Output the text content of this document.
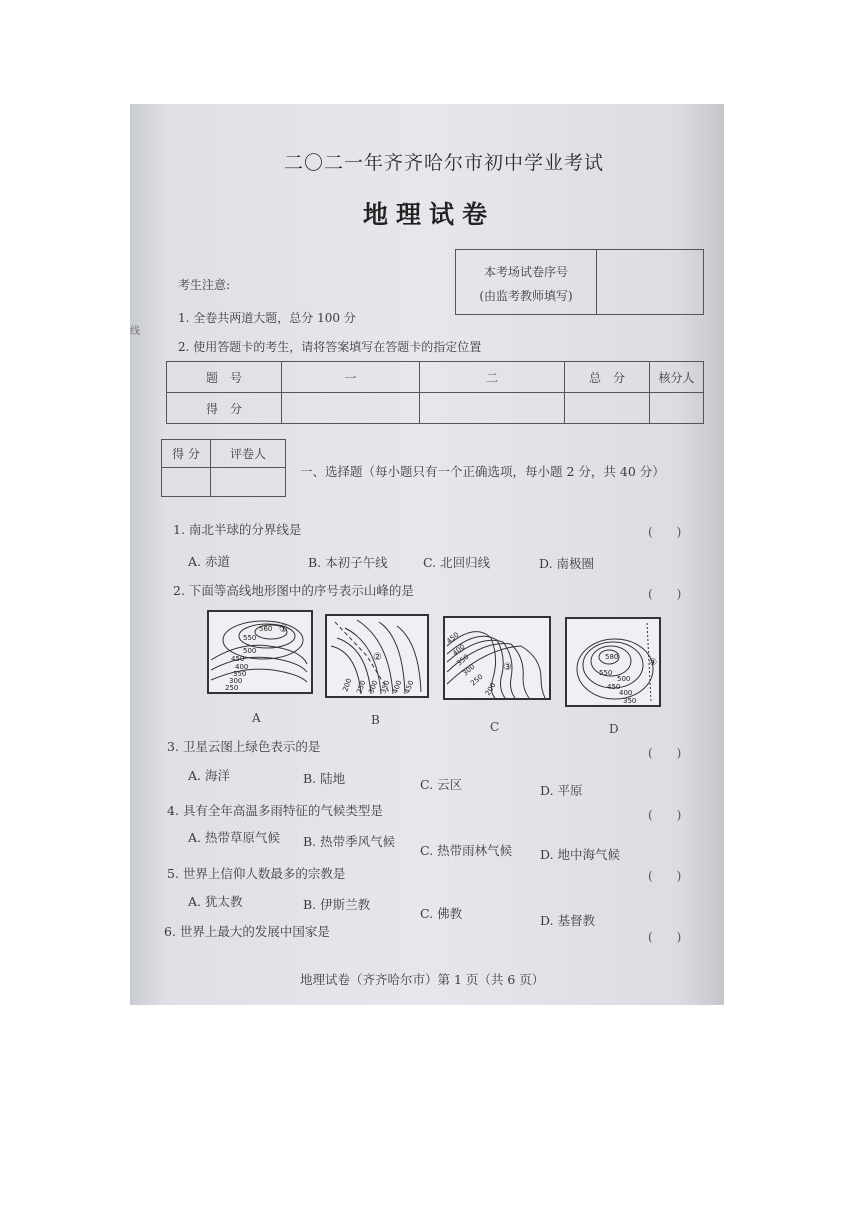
二〇二一年齐齐哈尔市初中学业考试
地理试卷
本考场试卷序号
(由监考教师填写)

考生注意:
1. 全卷共两道大题，总分 100 分
2. 使用答题卡的考生，请将答案填写在答题卡的指定位置
题　号	一	二	总　分	核分人
得　分				
得 分	评卷人

一、选择题（每小题只有一个正确选项，每小题 2 分，共 40 分）
1. 南北半球的分界线是	(　　)
A. 赤道	B. 本初子午线	C. 北回归线	D. 南极圈
2. 下面等高线地形图中的序号表示山峰的是	(　　)
560
550
500
450
400
350
300
250
①
A
200 250 300 350 400 450
②
B
450
400
350
300
250
200
③
C
580
550
500
450
400
350
④
D
3. 卫星云图上绿色表示的是	(　　)
A. 海洋	B. 陆地	C. 云区	D. 平原
4. 具有全年高温多雨特征的气候类型是	(　　)
A. 热带草原气候 B. 热带季风气候
C. 热带雨林气候 D. 地中海气候
5. 世界上信仰人数最多的宗教是	(　　)
A. 犹太教	B. 伊斯兰教
C. 佛教	D. 基督教
6. 世界上最大的发展中国家是	(　　)
地理试卷（齐齐哈尔市）第 1 页（共 6 页）
线
